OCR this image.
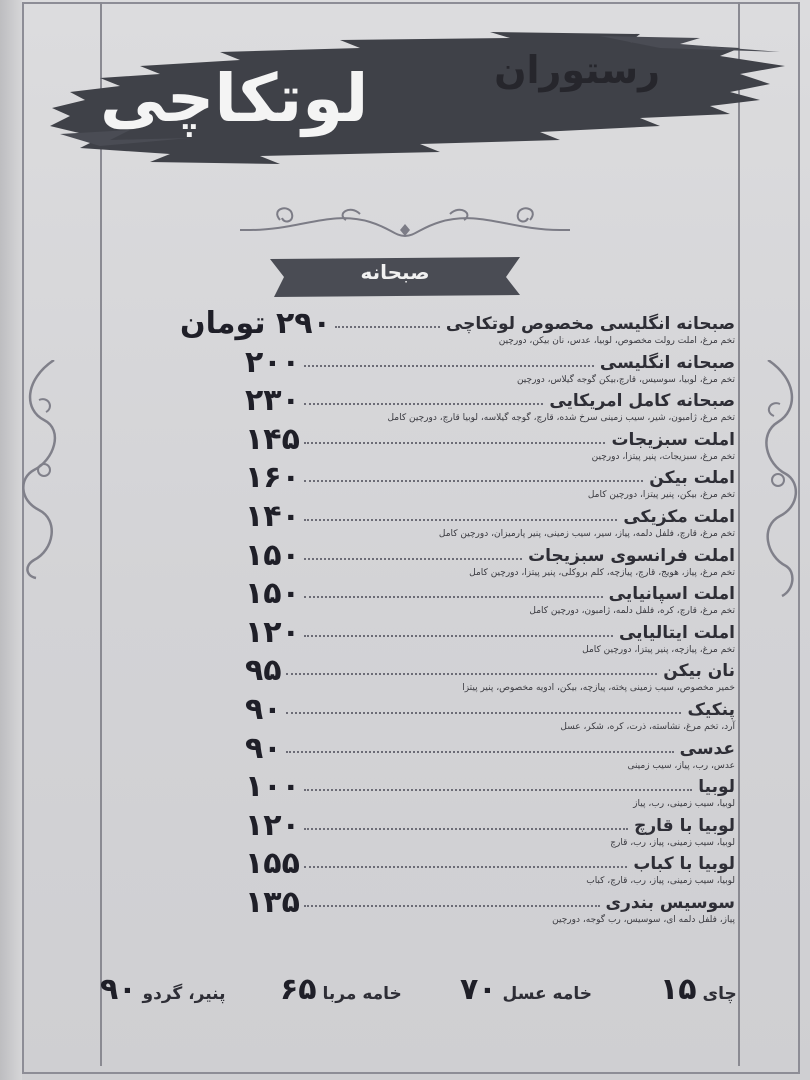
رستوران
لوتکاچی
صبحانه
۲۹۰ تومان	صبحانه انگلیسی مخصوص لوتکاچی
تخم مرغ، املت رولت مخصوص، لوبیا، عدس، نان بیکن، دورچین
۲۰۰	صبحانه انگلیسی
تخم مرغ، لوبیا، سوسیس، قارچ،بیکن گوجه گیلاس، دورچین
۲۳۰	صبحانه کامل امریکایی
تخم مرغ، ژامبون، شیر، سیب زمینی سرخ شده، قارچ، گوجه گیلاسه، لوبیا قارچ، دورچین کامل
۱۴۵	املت سبزیجات
تخم مرغ، سبزیجات، پنیر پیتزا، دورچین
۱۶۰	املت بیکن
تخم مرغ، بیکن، پنیر پیتزا، دورچین کامل
۱۴۰	املت مکزیکی
تخم مرغ، قارچ، فلفل دلمه، پیاز، سیر، سیب زمینی، پنیر پارمیزان، دورچین کامل
۱۵۰	املت فرانسوی سبزیجات
تخم مرغ، پیاز، هویج، قارچ، پیازچه، کلم بروکلی، پنیر پیتزا، دورچین کامل
۱۵۰	املت اسپانیایی
تخم مرغ، قارچ، کره، فلفل دلمه، ژامبون، دورچین کامل
۱۲۰	املت ایتالیایی
تخم مرغ، پیازچه، پنیر پیتزا، دورچین کامل
۹۵	نان بیکن
خمیر مخصوص، سیب زمینی پخته، پیازچه، بیکن، ادویه مخصوص، پنیر پیتزا
۹۰	پنکیک
آرد، تخم مرغ، نشاسته، ذرت، کره، شکر، عسل
۹۰	عدسی
عدس، رب، پیاز، سیب زمینی
۱۰۰	لوبیا
لوبیا، سیب زمینی، رب، پیاز
۱۲۰	لوبیا با قارچ
لوبیا، سیب زمینی، پیاز، رب، قارچ
۱۵۵	لوبیا با کباب
لوبیا، سیب زمینی، پیاز، رب، قارچ، کباب
۱۳۵	سوسیس بندری
پیاز، فلفل دلمه ای، سوسیس، رب گوجه، دورچین
چای ۱۵
خامه عسل ۷۰
خامه مربا ۶۵
پنیر، گردو ۹۰
